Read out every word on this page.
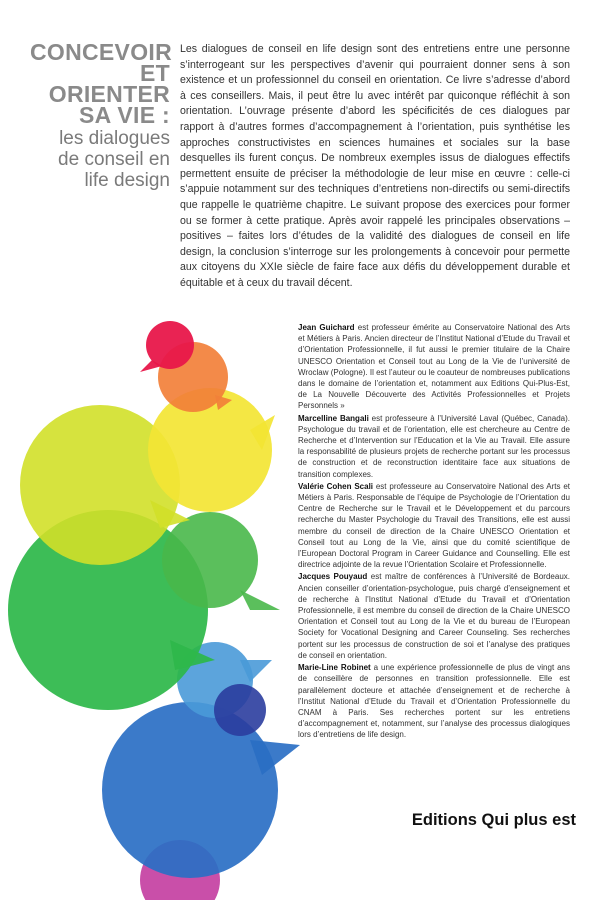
CONCEVOIR
ET
ORIENTER
SA VIE :
les dialogues
de conseil en
life design
Les dialogues de conseil en life design sont des entretiens entre une personne s’interrogeant sur les perspectives d’avenir qui pourraient donner sens à son existence et un professionnel du conseil en orientation. Ce livre s’adresse d’abord à ces conseillers. Mais, il peut être lu avec intérêt par quiconque réfléchit à son orientation. L’ouvrage présente d’abord les spécificités de ces dialogues par rapport à d’autres formes d’accompagnement à l’orientation, puis synthétise les approches constructivistes en sciences humaines et sociales sur la base desquelles ils furent conçus. De nombreux exemples issus de dialogues effectifs permettent ensuite de préciser la méthodologie de leur mise en œuvre : celle-ci s’appuie notamment sur des techniques d’entretiens non-directifs ou semi-directifs que rappelle le quatrième chapitre. Le suivant propose des exercices pour former ou se former à cette pratique. Après avoir rappelé les principales observations – positives – faites lors d’études de la validité des dialogues de conseil en life design, la conclusion s’interroge sur les prolongements à concevoir pour permette aux citoyens du XXIe siècle de faire face aux défis du développement durable et équitable et à ceux du travail décent.

Jean Guichard est professeur émérite au Conservatoire National des Arts et Métiers à Paris. Ancien directeur de l’Institut National d’Etude du Travail et d’Orientation Professionnelle, il fut aussi le premier titulaire de la Chaire UNESCO Orientation et Conseil tout au Long de la Vie de l’université de Wroclaw (Pologne). Il est l’auteur ou le coauteur de nombreuses publications dans le domaine de l’orientation et, notamment aux Editions Qui-Plus-Est, de La Nouvelle Découverte des Activités Professionnelles et Projets Personnels »

Marcelline Bangali est professeure à l’Université Laval (Québec, Canada). Psychologue du travail et de l’orientation, elle est chercheure au Centre de Recherche et d’Intervention sur l’Education et la Vie au Travail. Elle assure la responsabilité de plusieurs projets de recherche portant sur les processus de construction et de reconstruction identitaire face aux situations de transition complexes.

Valérie Cohen Scali est professeure au Conservatoire National des Arts et Métiers à Paris. Responsable de l’équipe de Psychologie de l’Orientation du Centre de Recherche sur le Travail et le Développement et du parcours recherche du Master Psychologie du Travail des Transitions, elle est aussi membre du conseil de direction de la Chaire UNESCO Orientation et Conseil tout au Long de la Vie, ainsi que du comité scientifique de l’European Doctoral Program in Career Guidance and Counselling. Elle est directrice adjointe de la revue l’Orientation Scolaire et Professionnelle.

Jacques Pouyaud est maître de conférences à l’Université de Bordeaux. Ancien conseiller d’orientation-psychologue, puis chargé d’enseignement et de recherche à l’Institut National d’Etude du Travail et d’Orientation Professionnelle, il est membre du conseil de direction de la Chaire UNESCO Orientation et Conseil tout au Long de la Vie et du bureau de l’European Society for Vocational Designing and Career Counseling. Ses recherches portent sur les processus de construction de soi et l’analyse des pratiques de conseil en orientation.

Marie-Line Robinet a une expérience professionnelle de plus de vingt ans de conseillère de personnes en transition professionnelle. Elle est parallèlement docteure et attachée d’enseignement et de recherche à l’Institut National d’Etude du Travail et d’Orientation Professionnelle du CNAM à Paris. Ses recherches portent sur les entretiens d’accompagnement et, notamment, sur l’analyse des processus dialogiques lors d’entretiens de life design.

Editions Qui plus est
